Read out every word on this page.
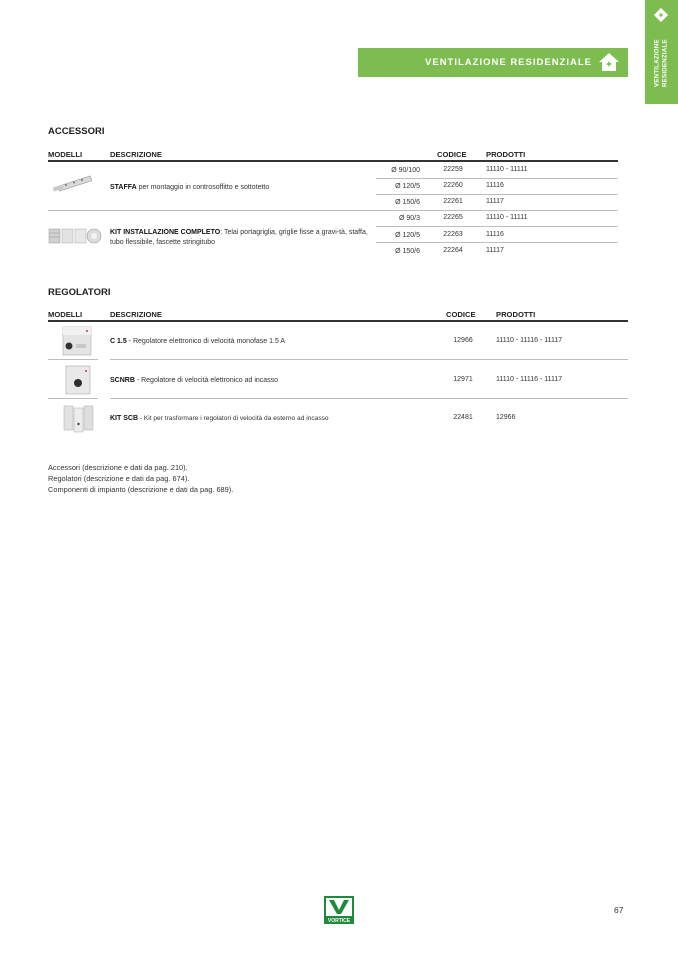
VENTILAZIONE RESIDENZIALE
VENTILAZIONE RESIDENZIALE
ACCESSORI
MODELLI	DESCRIZIONE	CODICE	PRODOTTI
STAFFA per montaggio in controsoffitto e sottotetto
Ø 90/100	22259	11110 - 11111
Ø 120/5	22260	11116
Ø 150/6	22261	11117
KIT INSTALLAZIONE COMPLETO: Telai portagriglia, griglie fisse a gravi-tà, staffa, tubo flessibile, fascette stringitubo
Ø 90/3	22265	11110 - 11111
Ø 120/5	22263	11116
Ø 150/6	22264	11117
REGOLATORI
MODELLI	DESCRIZIONE	CODICE	PRODOTTI
C 1.5 - Regolatore elettronico di velocità monofase 1.5 A	12966	11110 - 11116 - 11117
SCNRB - Regolatore di velocità elettronico ad incasso	12971	11110 - 11116 - 11117
KIT SCB - Kit per trasformare i regolatori di velocità da esterno ad incasso	22481	12966
Accessori (descrizione e dati da pag. 210).
Regolatori (descrizione e dati da pag. 674).
Componenti di impianto (descrizione e dati da pag. 689).
VORTICE
67
